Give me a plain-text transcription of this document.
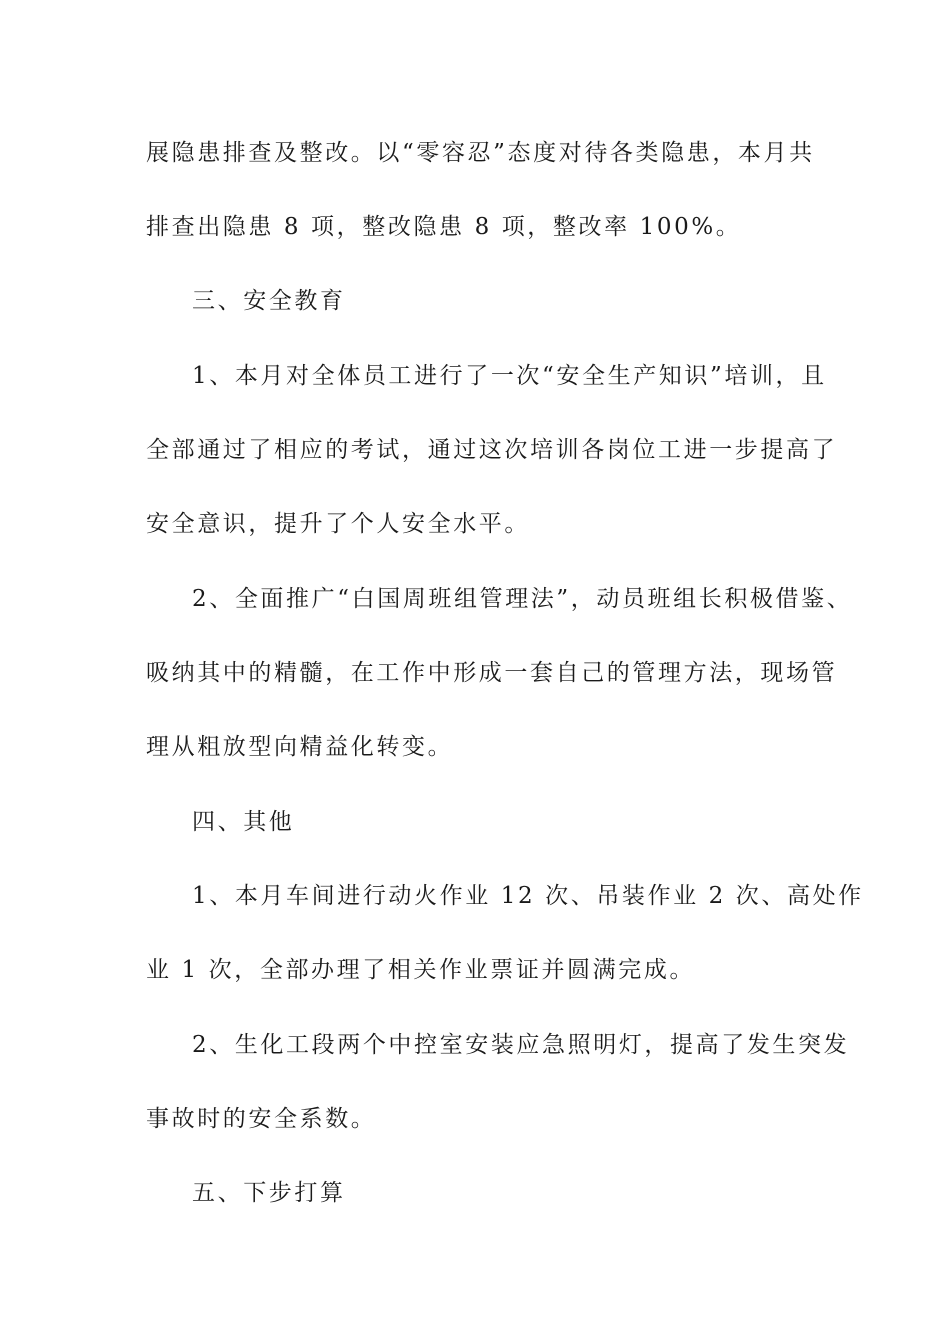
展隐患排查及整改。以“零容忍”态度对待各类隐患，本月共
排查出隐患 8 项，整改隐患 8 项，整改率 100%。
三、安全教育
1、本月对全体员工进行了一次“安全生产知识”培训，且
全部通过了相应的考试，通过这次培训各岗位工进一步提高了
安全意识，提升了个人安全水平。
2、全面推广“白国周班组管理法”，动员班组长积极借鉴、
吸纳其中的精髓，在工作中形成一套自己的管理方法，现场管
理从粗放型向精益化转变。
四、其他
1、本月车间进行动火作业 12 次、吊装作业 2 次、高处作
业 1 次，全部办理了相关作业票证并圆满完成。
2、生化工段两个中控室安装应急照明灯，提高了发生突发
事故时的安全系数。
五、下步打算
